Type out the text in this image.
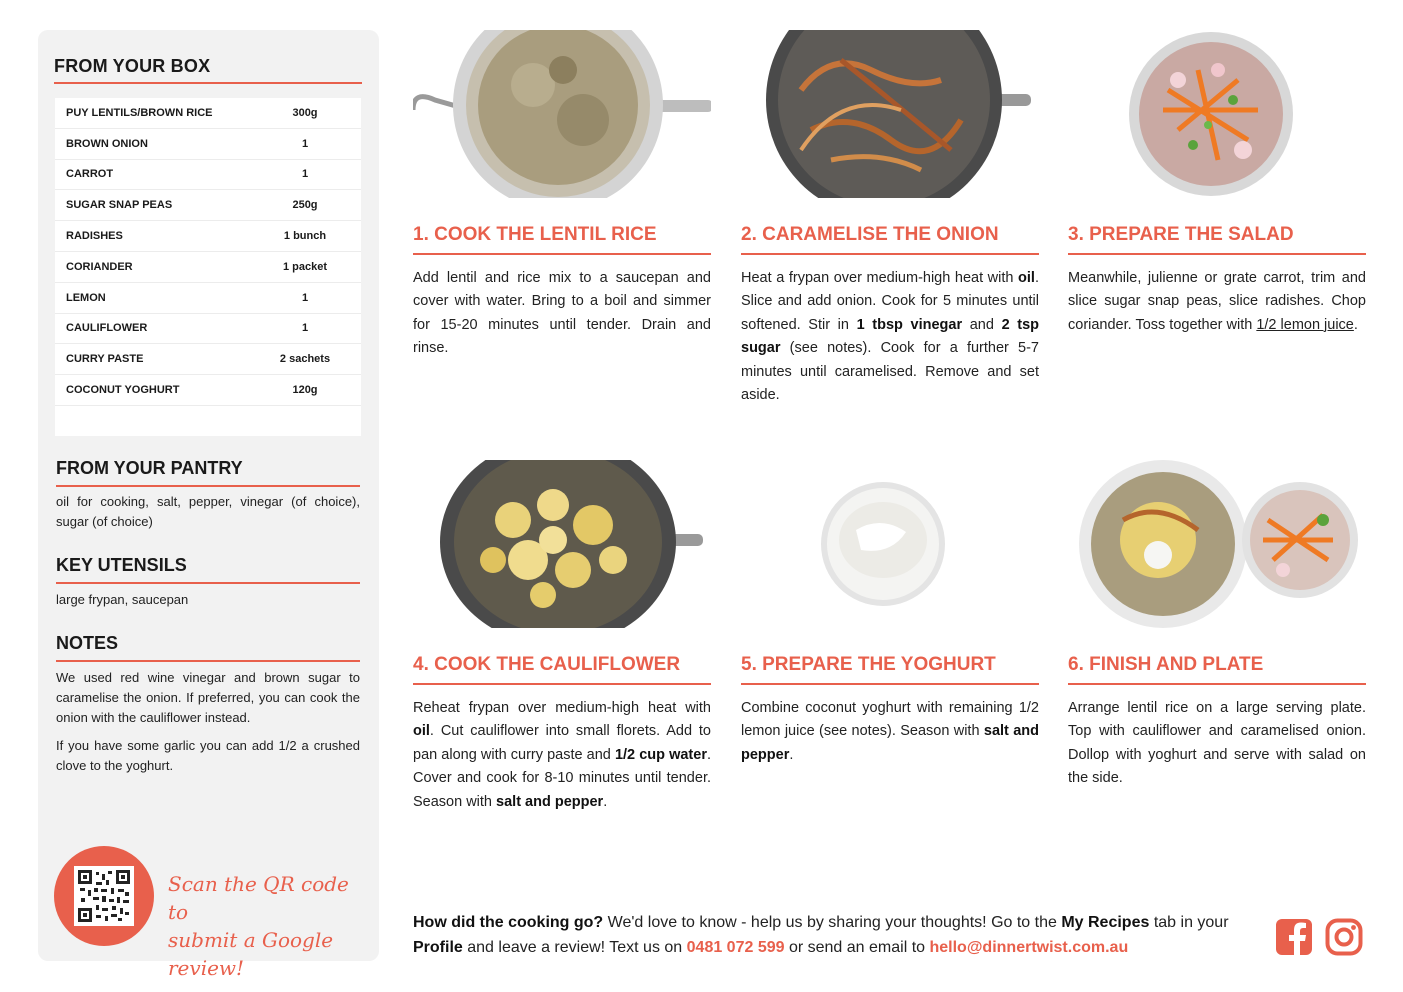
FROM YOUR BOX
PUY LENTILS/BROWN RICE	300g
BROWN ONION	1
CARROT	1
SUGAR SNAP PEAS	250g
RADISHES	1 bunch
CORIANDER	1 packet
LEMON	1
CAULIFLOWER	1
CURRY PASTE	2 sachets
COCONUT YOGHURT	120g
FROM YOUR PANTRY
oil for cooking, salt, pepper, vinegar (of choice), sugar (of choice)
KEY UTENSILS
large frypan, saucepan
NOTES
We used red wine vinegar and brown sugar to caramelise the onion. If preferred, you can cook the onion with the cauliflower instead.
If you have some garlic you can add 1/2 a crushed clove to the yoghurt.
Scan the QR code to
submit a Google review!
1. COOK THE LENTIL RICE	2. CARAMELISE THE ONION	3. PREPARE THE SALAD
Add lentil and rice mix to a saucepan and cover with water. Bring to a boil and simmer for 15-20 minutes until tender. Drain and rinse.
Heat a frypan over medium-high heat with oil. Slice and add onion. Cook for 5 minutes until softened. Stir in 1 tbsp vinegar and 2 tsp sugar (see notes). Cook for a further 5-7 minutes until caramelised. Remove and set aside.
Meanwhile, julienne or grate carrot, trim and slice sugar snap peas, slice radishes. Chop coriander. Toss together with 1/2 lemon juice.
4. COOK THE CAULIFLOWER	5. PREPARE THE YOGHURT	6. FINISH AND PLATE
Reheat frypan over medium-high heat with oil. Cut cauliflower into small florets. Add to pan along with curry paste and 1/2 cup water. Cover and cook for 8-10 minutes until tender. Season with salt and pepper.
Combine coconut yoghurt with remaining 1/2 lemon juice (see notes). Season with salt and pepper.
Arrange lentil rice on a large serving plate. Top with cauliflower and caramelised onion. Dollop with yoghurt and serve with salad on the side.
How did the cooking go? We'd love to know - help us by sharing your thoughts! Go to the My Recipes tab in your Profile and leave a review! Text us on 0481 072 599 or send an email to hello@dinnertwist.com.au
